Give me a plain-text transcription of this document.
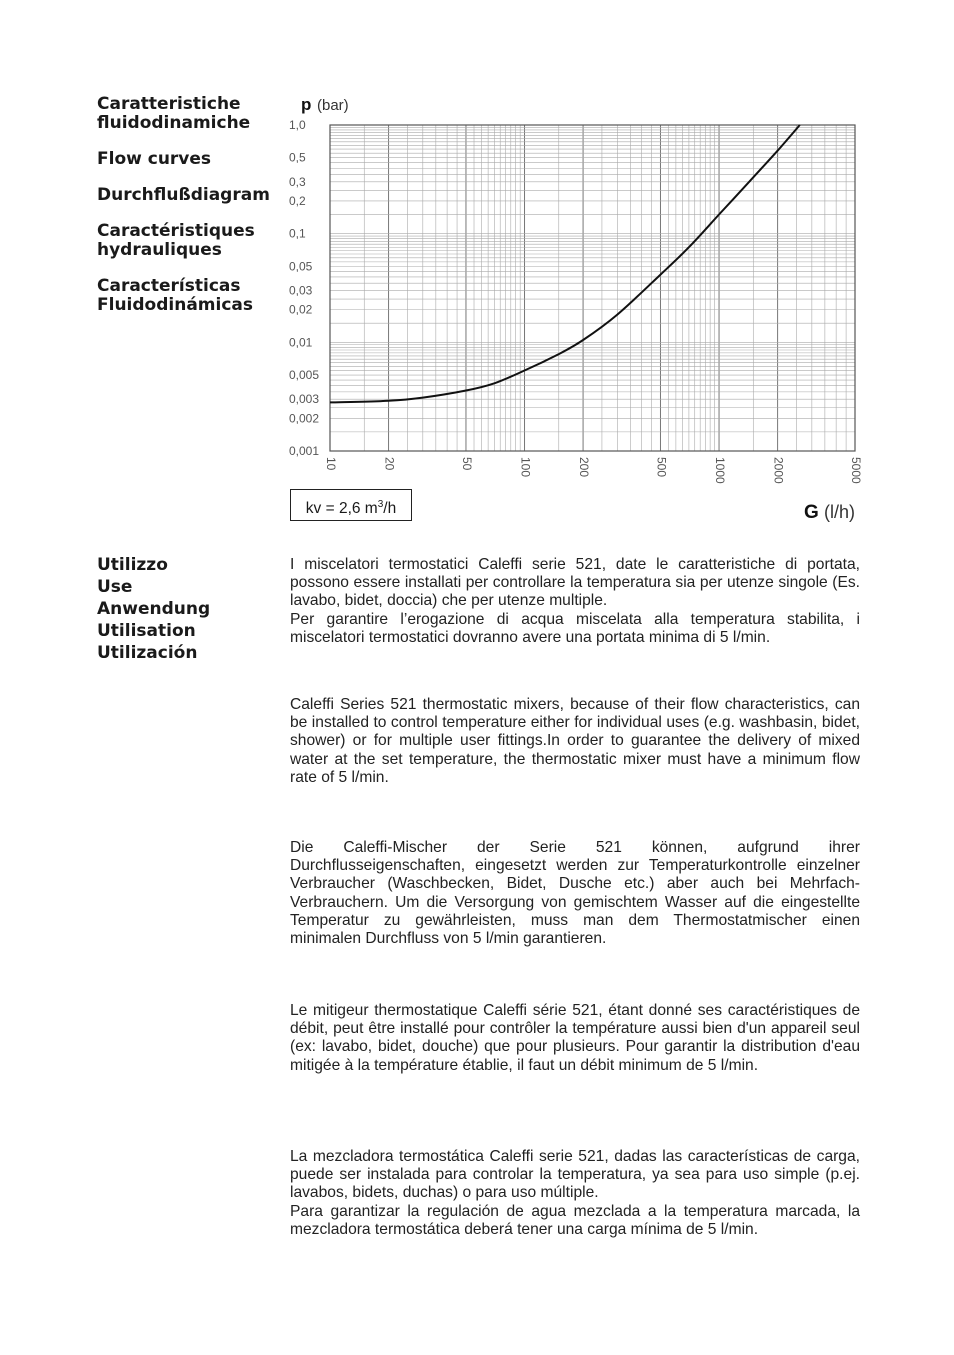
Caratteristiche
fluidodinamiche
Flow curves
Durchflußdiagram
Caractéristiques
hydrauliques
Características
Fluidodinámicas
0,001
0,002
0,003
0,005
0,01
0,02
0,03
0,05
0,1
0,2
0,3
0,5
1,0
10	20	50	100	200	500	1000	2000	5000
p (bar)
G (l/h)
kv = 2,6 $m^3/h$
Utilizzo
Use
Anwendung
Utilisation
Utilización

I miscelatori termostatici Caleffi serie 521, date le caratteristiche di portata, possono essere installati per controllare la temperatura sia per utenze singole (Es. lavabo, bidet, doccia) che per utenze multiple.

Per garantire l’erogazione di acqua miscelata alla temperatura stabilita, i miscelatori termostatici dovranno avere una portata minima di 5 l/min.

Caleffi Series 521 thermostatic mixers, because of their flow characteristics, can be installed to control temperature either for individual uses (e.g. washbasin, bidet, shower) or for multiple user fittings.In order to guarantee the delivery of mixed water at the set temperature, the thermostatic mixer must have a minimum flow rate of 5 l/min.

Die Caleffi-Mischer der Serie 521 können, aufgrund ihrer Durchflusseigenschaften, eingesetzt werden zur Temperaturkontrolle einzelner Verbraucher (Waschbecken, Bidet, Dusche etc.) aber auch bei Mehrfach-Verbrauchern. Um die Versorgung von gemischtem Wasser auf die eingestellte Temperatur zu gewährleisten, muss man dem Thermostatmischer einen minimalen Durchfluss von 5 l/min garantieren.

Le mitigeur thermostatique Caleffi série 521, étant donné ses caractéristiques de débit, peut être installé pour contrôler la température aussi bien d'un appareil seul (ex: lavabo, bidet, douche) que pour plusieurs. Pour garantir la distribution d'eau mitigée à la température établie, il faut un débit minimum de 5 l/min.

La mezcladora termostática Caleffi serie 521, dadas las características de carga, puede ser instalada para controlar la temperatura, ya sea para uso simple (p.ej. lavabos, bidets, duchas) o para uso múltiple.

Para garantizar la regulación de agua mezclada a la temperatura marcada, la mezcladora termostática deberá tener una carga mínima de 5 l/min.
